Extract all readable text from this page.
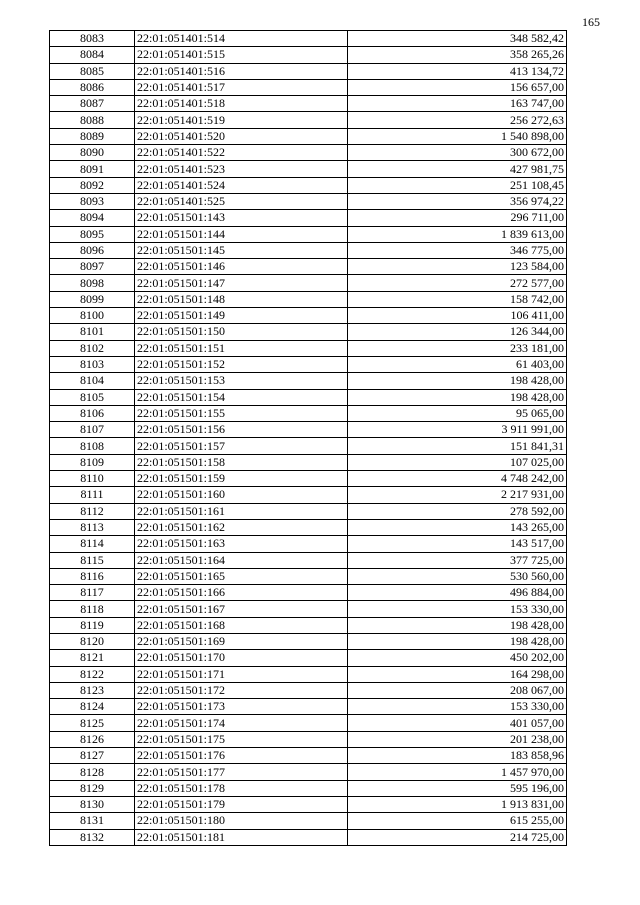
165
8083	22:01:051401:514	348 582,42
8084	22:01:051401:515	358 265,26
8085	22:01:051401:516	413 134,72
8086	22:01:051401:517	156 657,00
8087	22:01:051401:518	163 747,00
8088	22:01:051401:519	256 272,63
8089	22:01:051401:520	1 540 898,00
8090	22:01:051401:522	300 672,00
8091	22:01:051401:523	427 981,75
8092	22:01:051401:524	251 108,45
8093	22:01:051401:525	356 974,22
8094	22:01:051501:143	296 711,00
8095	22:01:051501:144	1 839 613,00
8096	22:01:051501:145	346 775,00
8097	22:01:051501:146	123 584,00
8098	22:01:051501:147	272 577,00
8099	22:01:051501:148	158 742,00
8100	22:01:051501:149	106 411,00
8101	22:01:051501:150	126 344,00
8102	22:01:051501:151	233 181,00
8103	22:01:051501:152	61 403,00
8104	22:01:051501:153	198 428,00
8105	22:01:051501:154	198 428,00
8106	22:01:051501:155	95 065,00
8107	22:01:051501:156	3 911 991,00
8108	22:01:051501:157	151 841,31
8109	22:01:051501:158	107 025,00
8110	22:01:051501:159	4 748 242,00
8111	22:01:051501:160	2 217 931,00
8112	22:01:051501:161	278 592,00
8113	22:01:051501:162	143 265,00
8114	22:01:051501:163	143 517,00
8115	22:01:051501:164	377 725,00
8116	22:01:051501:165	530 560,00
8117	22:01:051501:166	496 884,00
8118	22:01:051501:167	153 330,00
8119	22:01:051501:168	198 428,00
8120	22:01:051501:169	198 428,00
8121	22:01:051501:170	450 202,00
8122	22:01:051501:171	164 298,00
8123	22:01:051501:172	208 067,00
8124	22:01:051501:173	153 330,00
8125	22:01:051501:174	401 057,00
8126	22:01:051501:175	201 238,00
8127	22:01:051501:176	183 858,96
8128	22:01:051501:177	1 457 970,00
8129	22:01:051501:178	595 196,00
8130	22:01:051501:179	1 913 831,00
8131	22:01:051501:180	615 255,00
8132	22:01:051501:181	214 725,00
